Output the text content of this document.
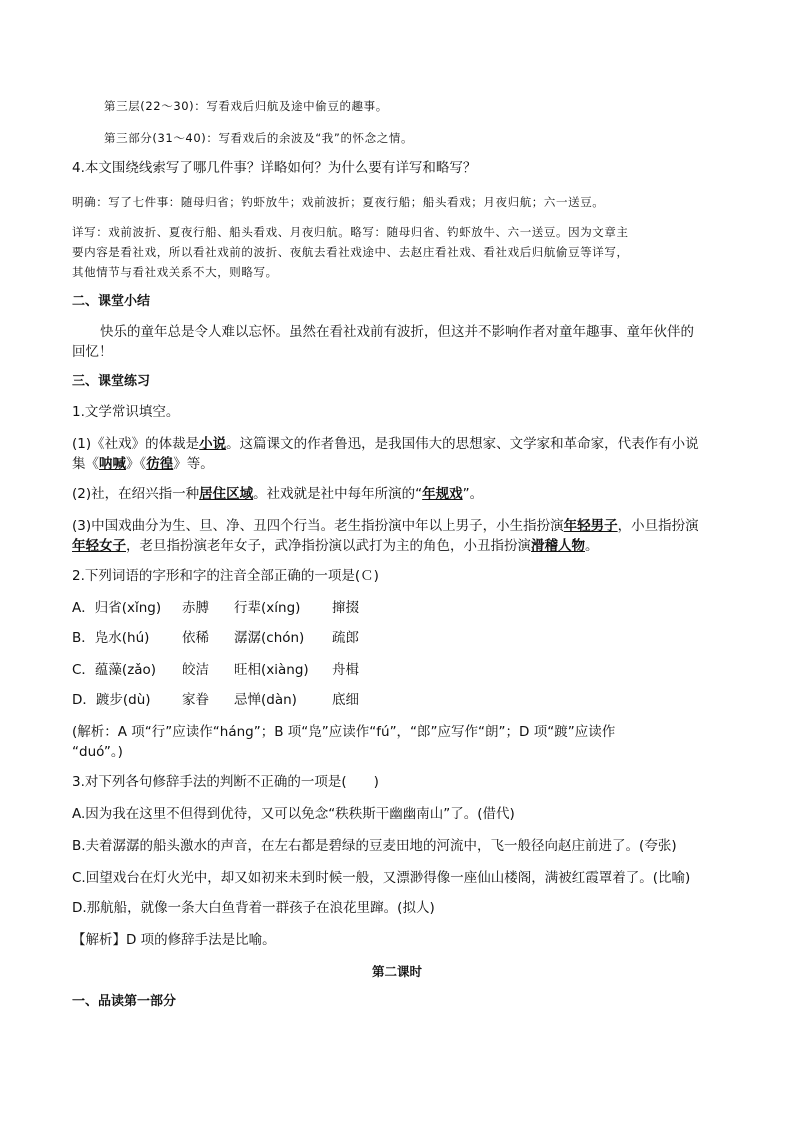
第三层(22～30)：写看戏后归航及途中偷豆的趣事。
第三部分(31～40)：写看戏后的余波及“我”的怀念之情。
4.本文围绕线索写了哪几件事？详略如何？为什么要有详写和略写？
明确：写了七件事：随母归省；钓虾放牛；戏前波折；夏夜行船；船头看戏；月夜归航；六一送豆。
详写：戏前波折、夏夜行船、船头看戏、月夜归航。略写：随母归省、钓虾放牛、六一送豆。因为文章主
要内容是看社戏，所以看社戏前的波折、夜航去看社戏途中、去赵庄看社戏、看社戏后归航偷豆等详写，
其他情节与看社戏关系不大，则略写。
二、课堂小结
快乐的童年总是令人难以忘怀。虽然在看社戏前有波折，但这并不影响作者对童年趣事、童年伙伴的
回忆！
三、课堂练习
1.文学常识填空。
(1)《社戏》的体裁是小说。这篇课文的作者鲁迅，是我国伟大的思想家、文学家和革命家，代表作有小说
集《呐喊》《彷徨》等。
(2)社，在绍兴指一种居住区域。社戏就是社中每年所演的“年规戏”。
(3)中国戏曲分为生、旦、净、丑四个行当。老生指扮演中年以上男子，小生指扮演年轻男子，小旦指扮演
年轻女子，老旦指扮演老年女子，武净指扮演以武打为主的角色，小丑指扮演滑稽人物。
2.下列词语的字形和字的注音全部正确的一项是(Ｃ)
A．归省(xǐng) 赤膊 行辈(xíng) 撺掇
B．凫水(hú) 依稀 潺潺(chón) 疏郎
C．蕴藻(zǎo) 皎洁 旺相(xiàng) 舟楫
D．踱步(dù) 家眷 忌惮(dàn)	底细
(解析：A 项“行”应读作“háng”；B 项“凫”应读作“fú”，“郎”应写作“朗”；D 项“踱”应读作
“duó”。)
3.对下列各句修辞手法的判断不正确的一项是(　　)
A.因为我在这里不但得到优待，又可以免念“秩秩斯干幽幽南山”了。(借代)
B.夫着潺潺的船头激水的声音，在左右都是碧绿的豆麦田地的河流中，飞一般径向赵庄前进了。(夸张)
C.回望戏台在灯火光中，却又如初来未到时候一般，又漂渺得像一座仙山楼阁，满被红霞罩着了。(比喻)
D.那航船，就像一条大白鱼背着一群孩子在浪花里蹿。(拟人)
【解析】D 项的修辞手法是比喻。
第二课时
一、品读第一部分
